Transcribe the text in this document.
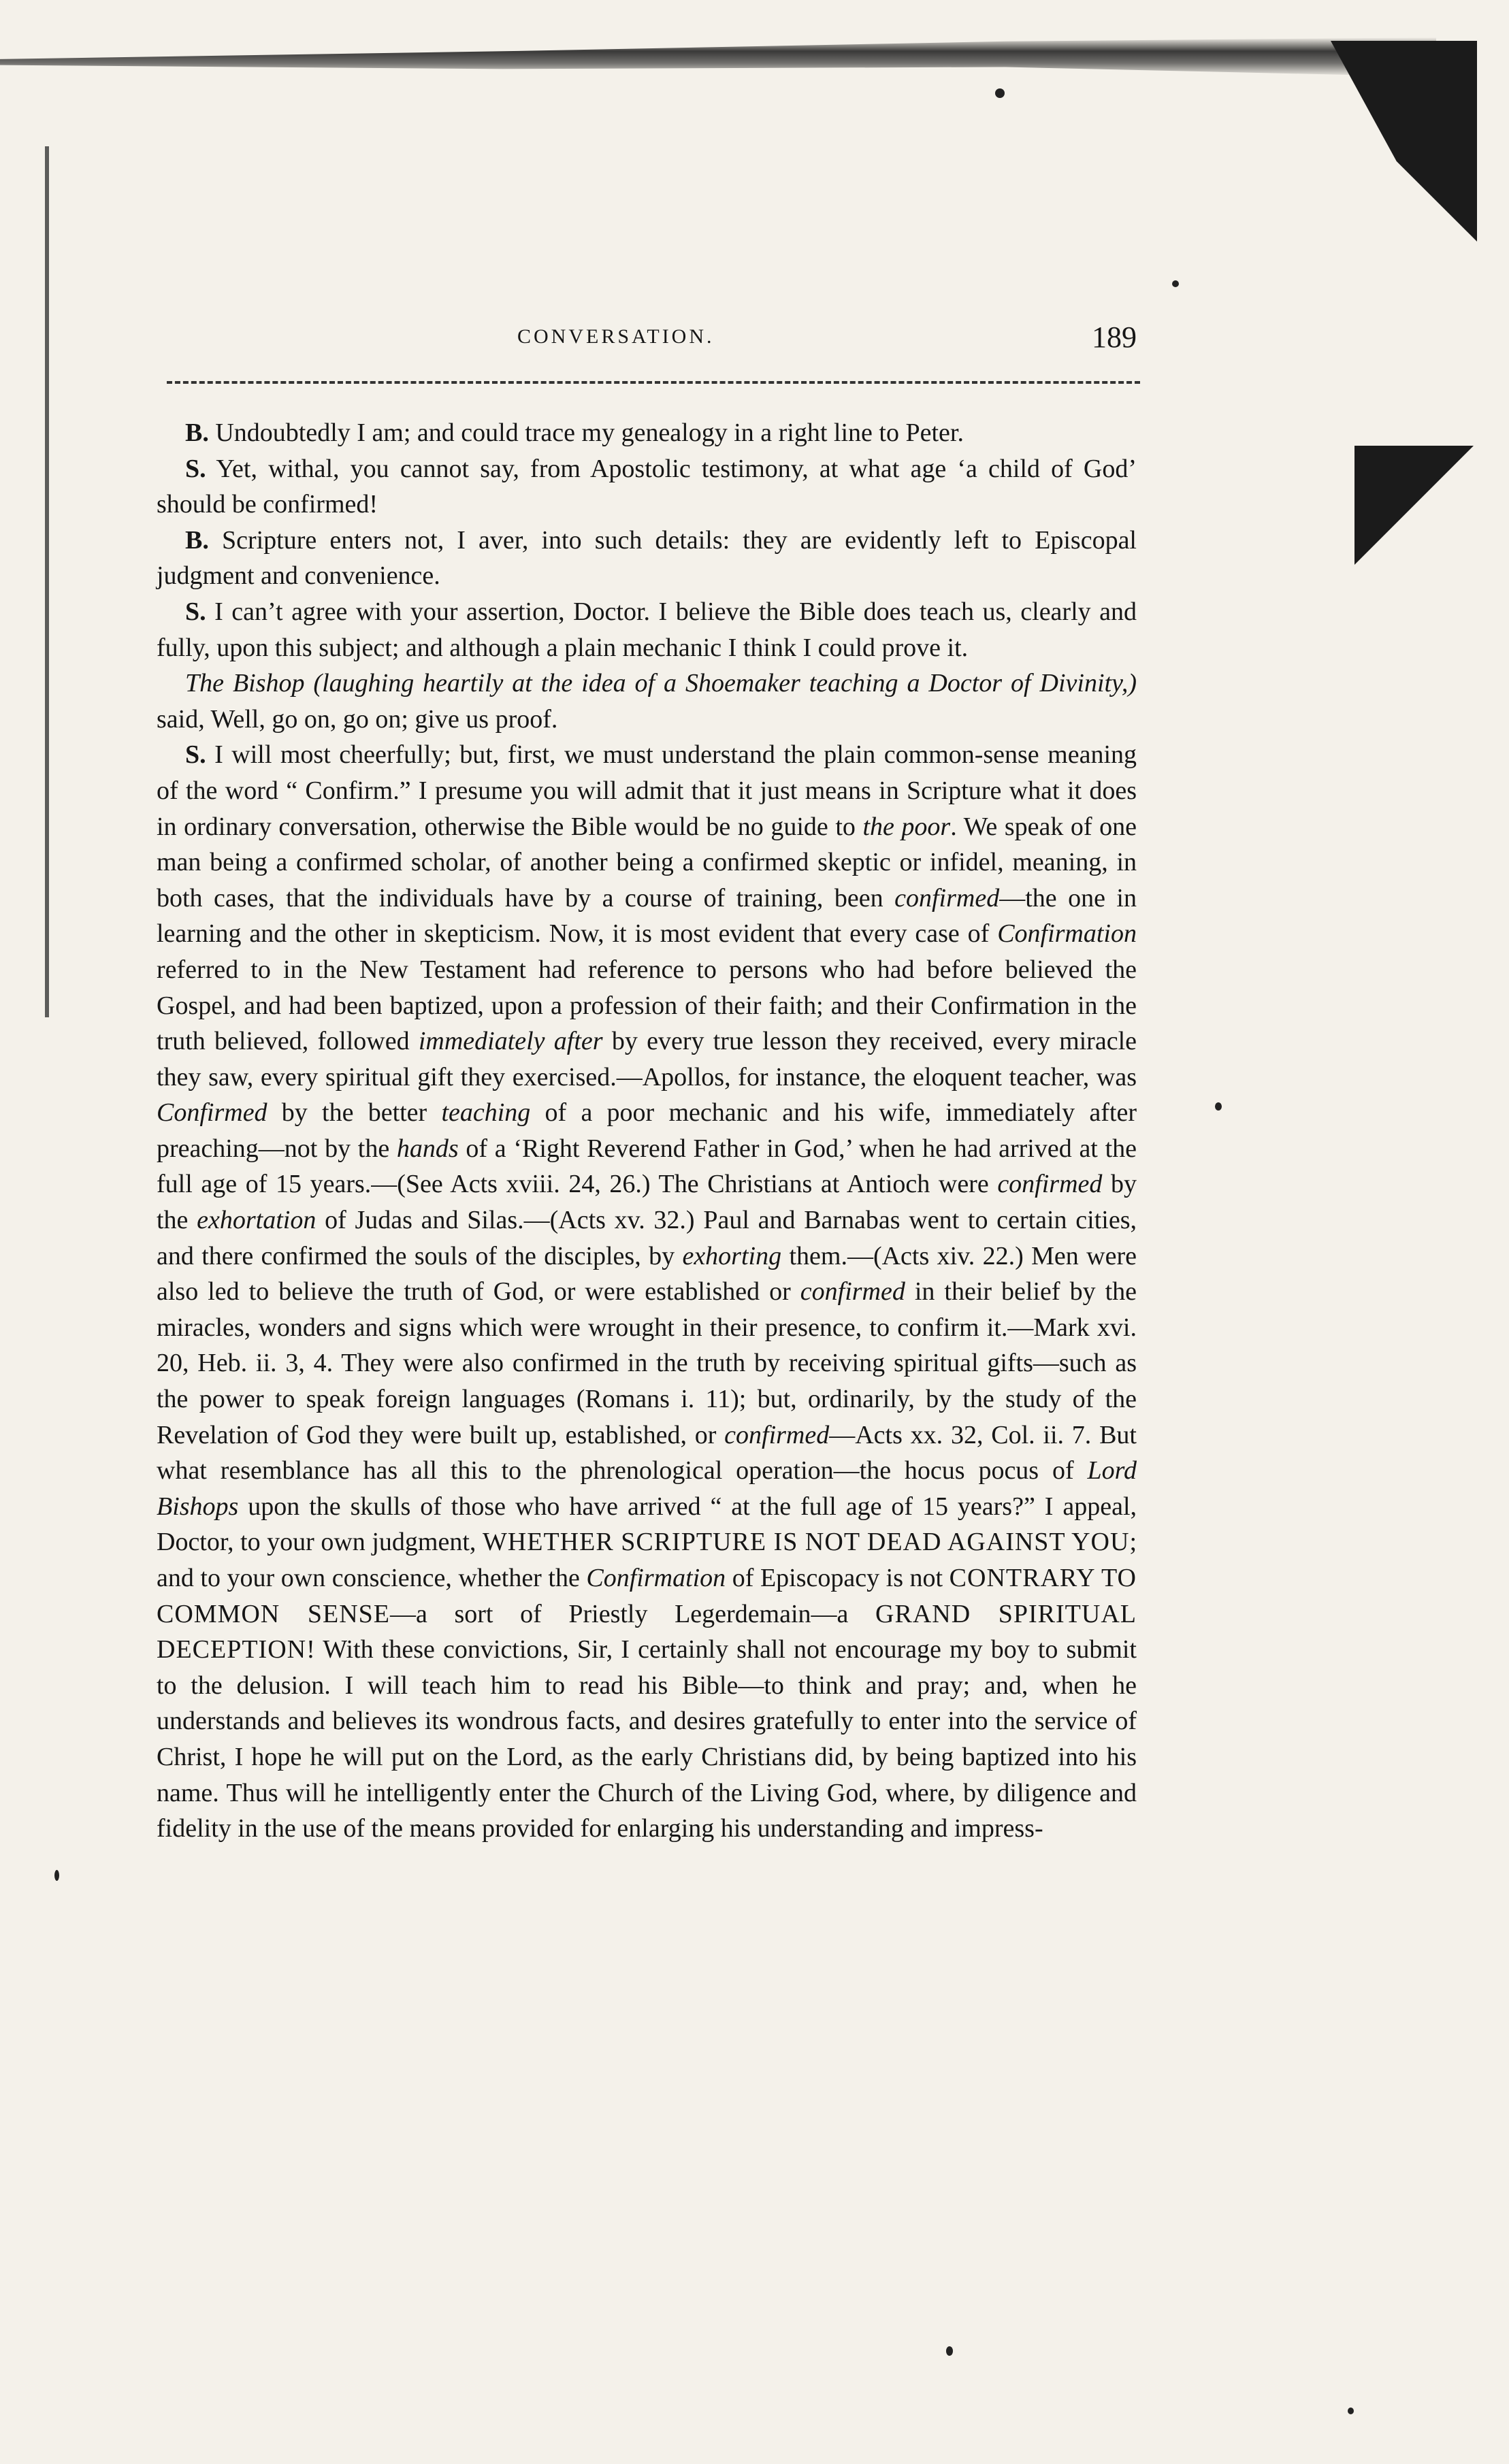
CONVERSATION.	189

B. Undoubtedly I am; and could trace my genealogy in a right line to Peter.

S. Yet, withal, you cannot say, from Apostolic testimony, at what age ‘a child of God’ should be confirmed!

B. Scripture enters not, I aver, into such details: they are evidently left to Episcopal judgment and convenience.

S. I can’t agree with your assertion, Doctor. I believe the Bible does teach us, clearly and fully, upon this subject; and although a plain mechanic I think I could prove it.

The Bishop (laughing heartily at the idea of a Shoemaker teaching a Doctor of Divinity,) said, Well, go on, go on; give us proof.

S. I will most cheerfully; but, first, we must understand the plain common-sense meaning of the word “ Confirm.” I presume you will admit that it just means in Scripture what it does in ordinary conversation, otherwise the Bible would be no guide to the poor. We speak of one man being a confirmed scholar, of another being a confirmed skeptic or infidel, meaning, in both cases, that the individuals have by a course of training, been confirmed—the one in learning and the other in skepticism. Now, it is most evident that every case of Confirmation referred to in the New Testament had reference to persons who had before believed the Gospel, and had been baptized, upon a profession of their faith; and their Confirmation in the truth believed, followed immediately after by every true lesson they received, every miracle they saw, every spiritual gift they exercised.—Apollos, for instance, the eloquent teacher, was Confirmed by the better teaching of a poor mechanic and his wife, immediately after preaching—not by the hands of a ‘Right Reverend Father in God,’ when he had arrived at the full age of 15 years.—(See Acts xviii. 24, 26.) The Christians at Antioch were confirmed by the exhortation of Judas and Silas.—(Acts xv. 32.) Paul and Barnabas went to certain cities, and there confirmed the souls of the disciples, by exhorting them.—(Acts xiv. 22.) Men were also led to believe the truth of God, or were established or confirmed in their belief by the miracles, wonders and signs which were wrought in their presence, to confirm it.—Mark xvi. 20, Heb. ii. 3, 4. They were also confirmed in the truth by receiving spiritual gifts—such as the power to speak foreign languages (Romans i. 11); but, ordinarily, by the study of the Revelation of God they were built up, established, or confirmed—Acts xx. 32, Col. ii. 7. But what resemblance has all this to the phrenological operation—the hocus pocus of Lord Bishops upon the skulls of those who have arrived “ at the full age of 15 years?” I appeal, Doctor, to your own judgment, WHETHER SCRIPTURE IS NOT DEAD AGAINST YOU; and to your own conscience, whether the Confirmation of Episcopacy is not CONTRARY TO COMMON SENSE—a sort of Priestly Legerdemain—a GRAND SPIRITUAL DECEPTION! With these convictions, Sir, I certainly shall not encourage my boy to submit to the delusion. I will teach him to read his Bible—to think and pray; and, when he understands and believes its wondrous facts, and desires gratefully to enter into the service of Christ, I hope he will put on the Lord, as the early Christians did, by being baptized into his name. Thus will he intelligently enter the Church of the Living God, where, by diligence and fidelity in the use of the means provided for enlarging his understanding and impress-
